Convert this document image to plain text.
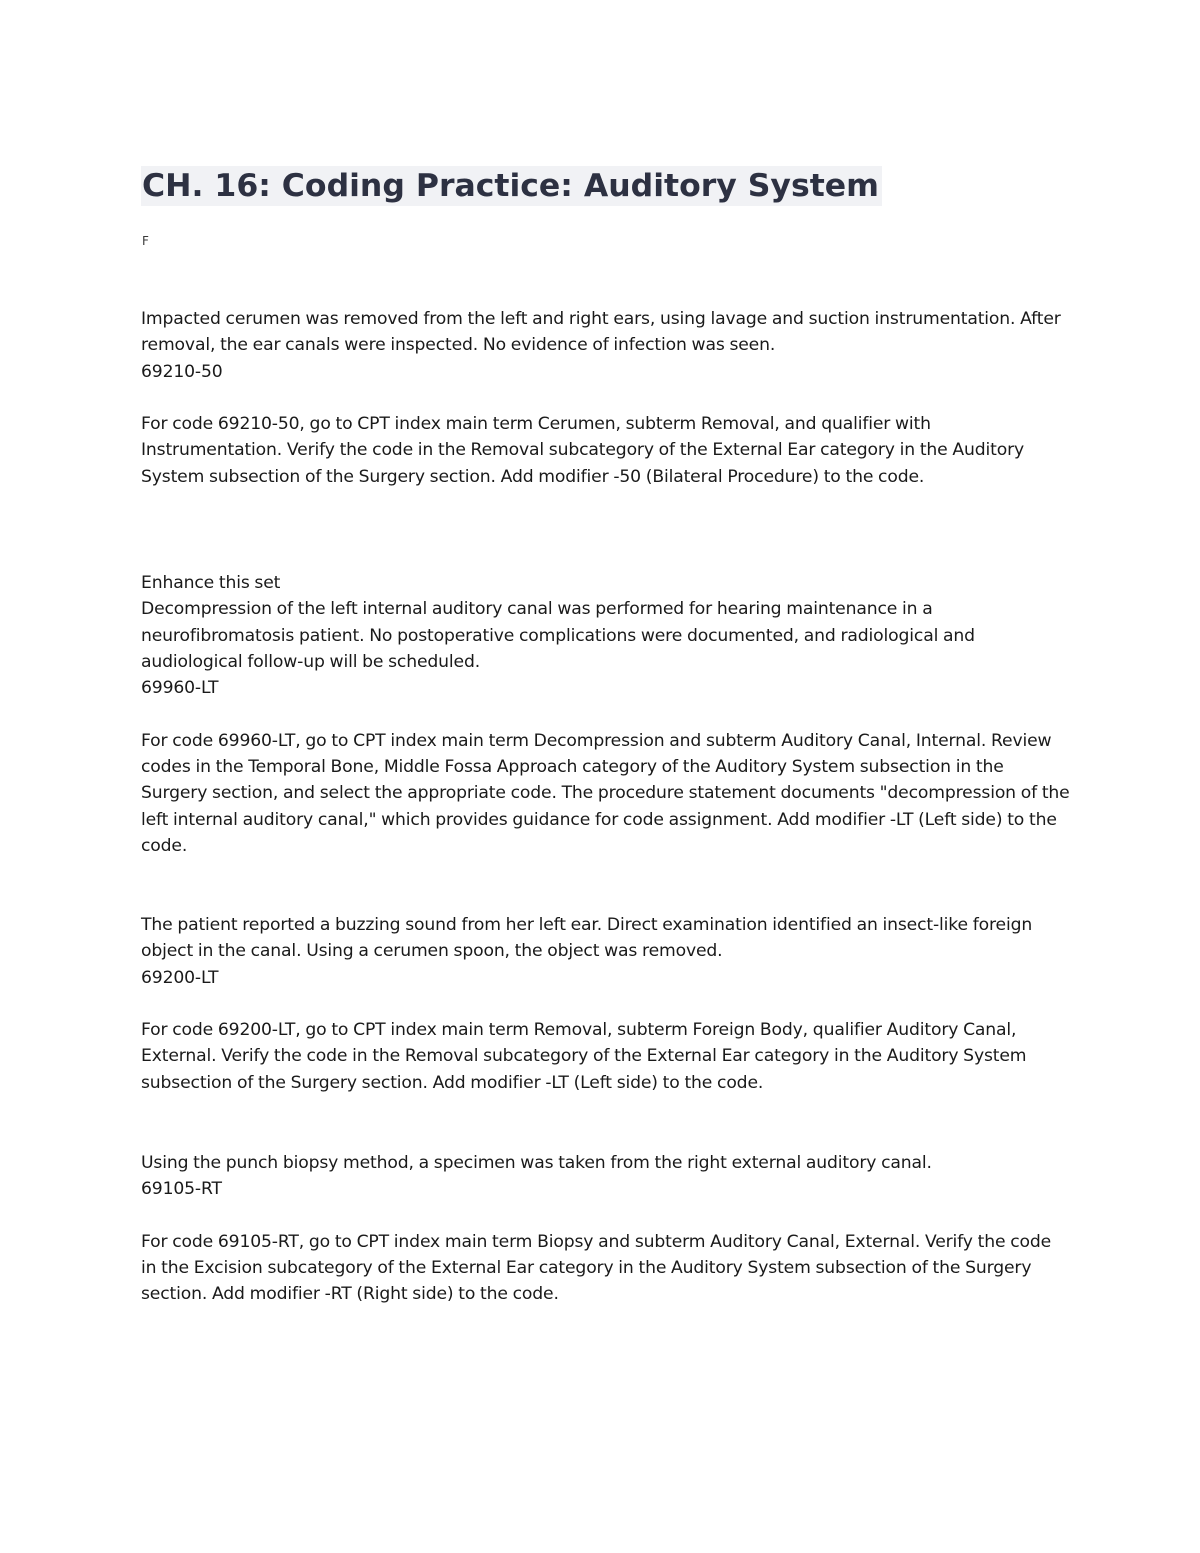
CH. 16: Coding Practice: Auditory System
F

Impacted cerumen was removed from the left and right ears, using lavage and suction instrumentation. After removal, the ear canals were inspected. No evidence of infection was seen.

69210-50

For code 69210-50, go to CPT index main term Cerumen, subterm Removal, and qualifier with Instrumentation. Verify the code in the Removal subcategory of the External Ear category in the Auditory System subsection of the Surgery section. Add modifier -50 (Bilateral Procedure) to the code.

Enhance this set

Decompression of the left internal auditory canal was performed for hearing maintenance in a neurofibromatosis patient. No postoperative complications were documented, and radiological and audiological follow-up will be scheduled.

69960-LT

For code 69960-LT, go to CPT index main term Decompression and subterm Auditory Canal, Internal. Review codes in the Temporal Bone, Middle Fossa Approach category of the Auditory System subsection in the Surgery section, and select the appropriate code. The procedure statement documents "decompression of the left internal auditory canal," which provides guidance for code assignment. Add modifier -LT (Left side) to the code.

The patient reported a buzzing sound from her left ear. Direct examination identified an insect-like foreign object in the canal. Using a cerumen spoon, the object was removed.

69200-LT

For code 69200-LT, go to CPT index main term Removal, subterm Foreign Body, qualifier Auditory Canal, External. Verify the code in the Removal subcategory of the External Ear category in the Auditory System subsection of the Surgery section. Add modifier -LT (Left side) to the code.

Using the punch biopsy method, a specimen was taken from the right external auditory canal.

69105-RT

For code 69105-RT, go to CPT index main term Biopsy and subterm Auditory Canal, External. Verify the code in the Excision subcategory of the External Ear category in the Auditory System subsection of the Surgery section. Add modifier -RT (Right side) to the code.
